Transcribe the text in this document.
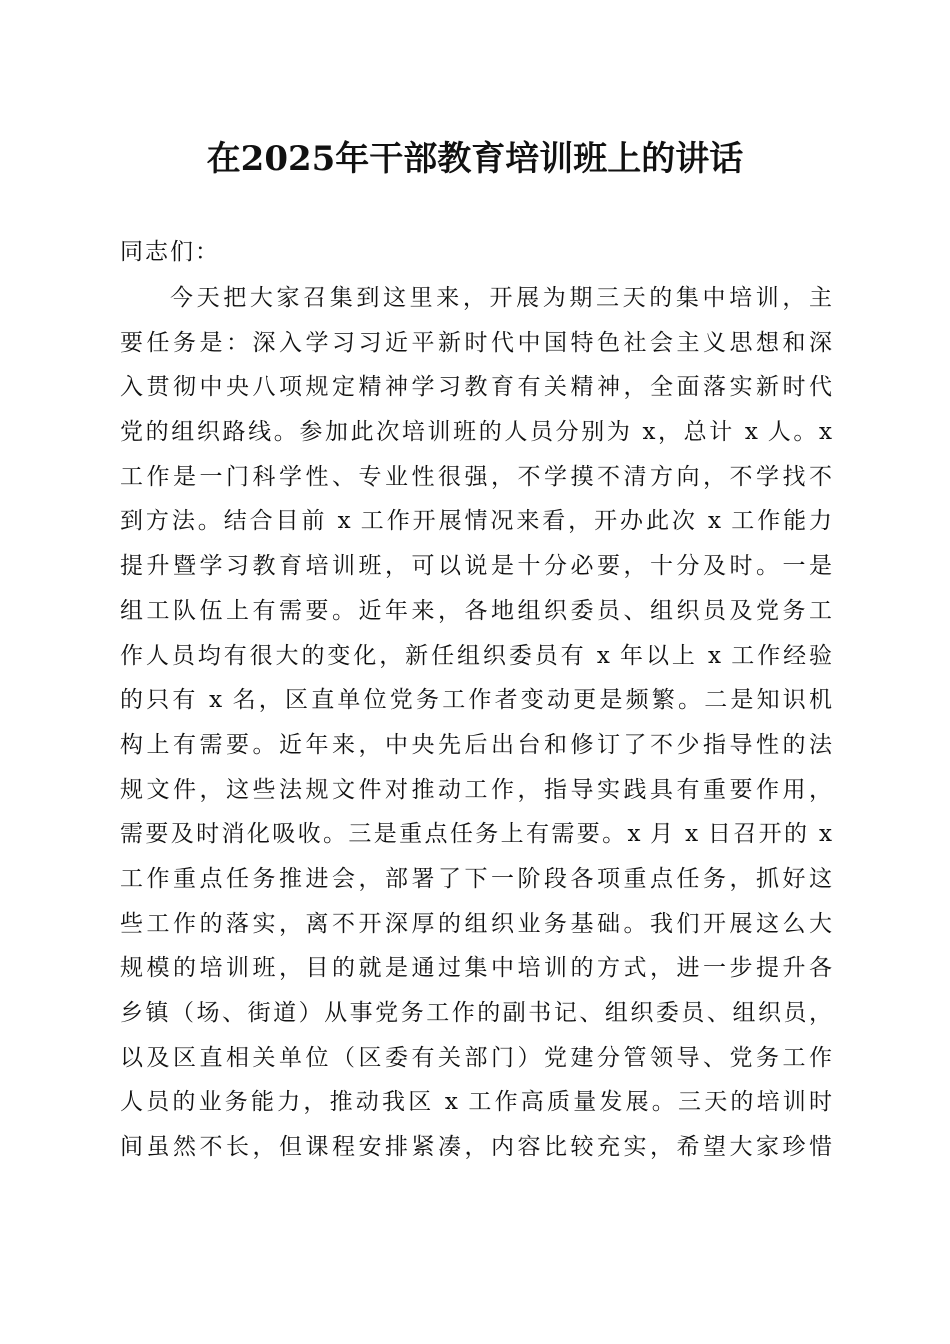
在2025年干部教育培训班上的讲话

同志们：

今天把大家召集到这里来，开展为期三天的集中培训，主
要任务是：深入学习习近平新时代中国特色社会主义思想和深
入贯彻中央八项规定精神学习教育有关精神，全面落实新时代
党的组织路线。参加此次培训班的人员分别为 x，总计 x 人。x
工作是一门科学性、专业性很强，不学摸不清方向，不学找不
到方法。结合目前 x 工作开展情况来看，开办此次 x 工作能力
提升暨学习教育培训班，可以说是十分必要，十分及时。一是
组工队伍上有需要。近年来，各地组织委员、组织员及党务工
作人员均有很大的变化，新任组织委员有 x 年以上 x 工作经验
的只有 x 名，区直单位党务工作者变动更是频繁。二是知识机
构上有需要。近年来，中央先后出台和修订了不少指导性的法
规文件，这些法规文件对推动工作，指导实践具有重要作用，
需要及时消化吸收。三是重点任务上有需要。x 月 x 日召开的 x
工作重点任务推进会，部署了下一阶段各项重点任务，抓好这
些工作的落实，离不开深厚的组织业务基础。我们开展这么大
规模的培训班，目的就是通过集中培训的方式，进一步提升各
乡镇（场、街道）从事党务工作的副书记、组织委员、组织员，
以及区直相关单位（区委有关部门）党建分管领导、党务工作
人员的业务能力，推动我区 x 工作高质量发展。三天的培训时
间虽然不长，但课程安排紧凑，内容比较充实，希望大家珍惜
